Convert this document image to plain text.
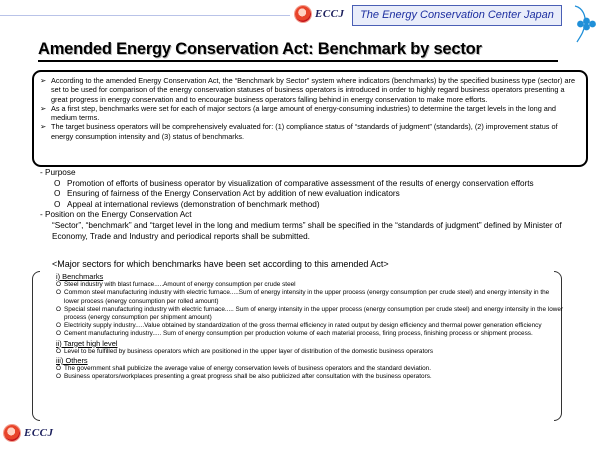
ECCJ	The Energy Conservation Center Japan
Amended Energy Conservation Act: Benchmark by sector
➢ According to the amended Energy Conservation Act, the “Benchmark by Sector” system where indicators (benchmarks) by the specified business type (sector) are set to be used for comparison of the energy conservation statuses of business operators is introduced in order to highly regard business operators presenting a great progress in energy conservation and to encourage business operators falling behind in energy conservation to make more efforts.
➢ As a first step, benchmarks were set for each of major sectors (a large amount of energy-consuming industries) to determine the target levels in the long and medium terms.
➢ The target business operators will be comprehensively evaluated for: (1) compliance status of “standards of judgment” (standards), (2) improvement status of energy consumption intensity and (3) status of benchmarks.
- Purpose
O Promotion of efforts of business operator by visualization of comparative assessment of the results of energy conservation efforts
O Ensuring of fairness of the Energy Conservation Act by addition of new evaluation indicators
O Appeal at international reviews (demonstration of benchmark method)
- Position on the Energy Conservation Act
“Sector”, “benchmark” and “target level in the long and medium terms” shall be specified in the “standards of judgment” defined by Minister of Economy, Trade and Industry and periodical reports shall be submitted.
<Major sectors for which benchmarks have been set according to this amended Act>
i) Benchmarks
O Steel industry with blast furnace.....Amount of energy consumption per crude steel
O Common steel manufacturing industry with electric furnace.....Sum of energy intensity in the upper process (energy consumption per crude steel) and energy intensity in the lower process (energy consumption per rolled amount)
O Special steel manufacturing industry with electric furnace..... Sum of energy intensity in the upper process (energy consumption per crude steel) and energy intensity in the lower process (energy consumption per shipment amount)
O Electricity supply industry.....Value obtained by standardization of the gross thermal efficiency in rated output by design efficiency and thermal power generation efficiency
O Cement manufacturing industry..... Sum of energy consumption per production volume of each material process, firing process, finishing process or shipment process.
ii) Target high level
O Level to be fulfilled by business operators which are positioned in the upper layer of distribution of the domestic business operators
iii) Others
O The government shall publicize the average value of energy conservation levels of business operators and the standard deviation.
O Business operators/workplaces presenting a great progress shall be also publicized after consultation with the business operators.
ECCJ
